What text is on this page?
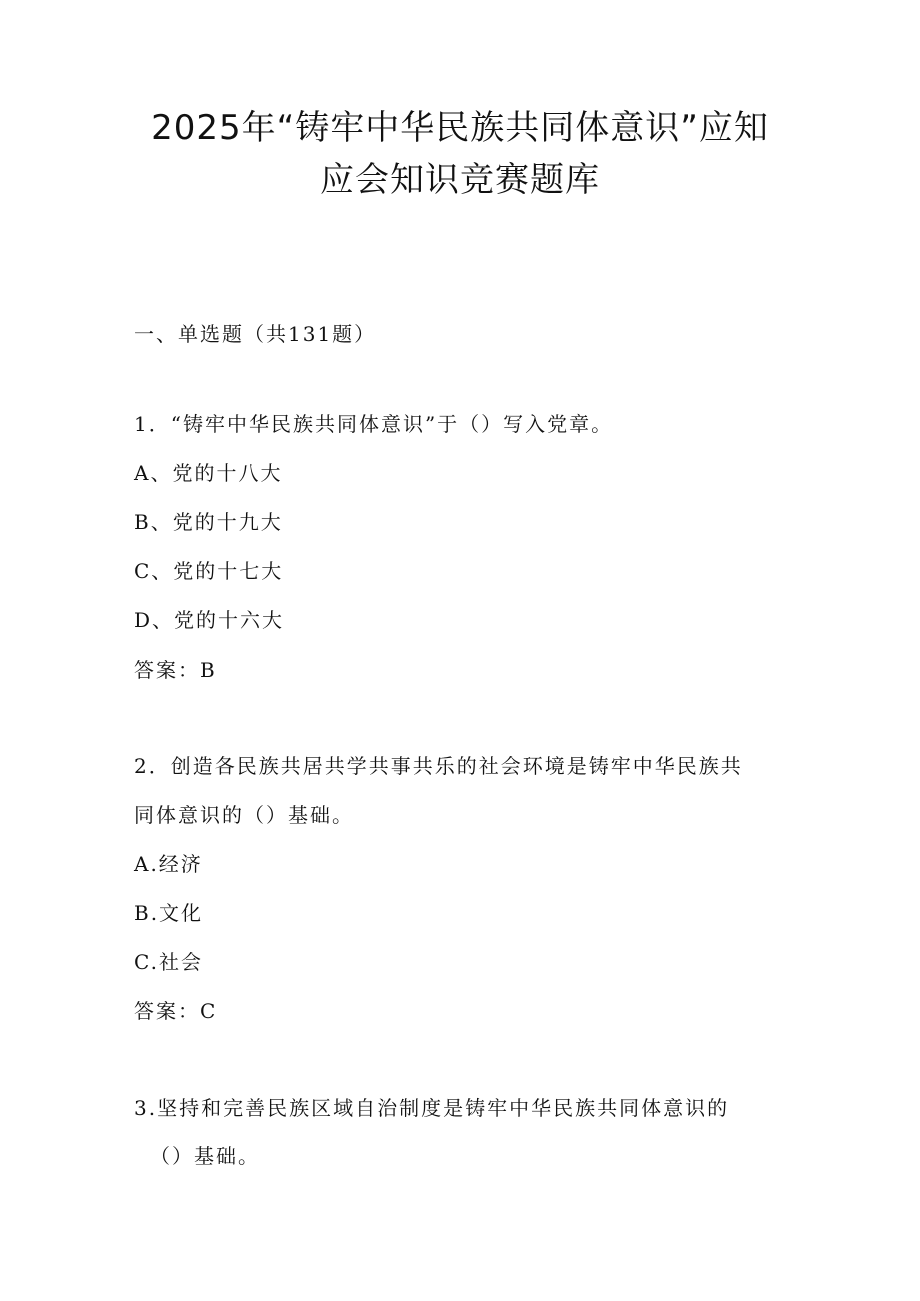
2025年“铸牢中华民族共同体意识”应知
应会知识竞赛题库
一、单选题（共131题）
1．“铸牢中华民族共同体意识”于（）写入党章。
A、党的十八大
B、党的十九大
C、党的十七大
D、党的十六大
答案：B
2．创造各民族共居共学共事共乐的社会环境是铸牢中华民族共
同体意识的（）基础。
A.经济
B.文化
C.社会
答案：C
3.坚持和完善民族区域自治制度是铸牢中华民族共同体意识的
（）基础。
